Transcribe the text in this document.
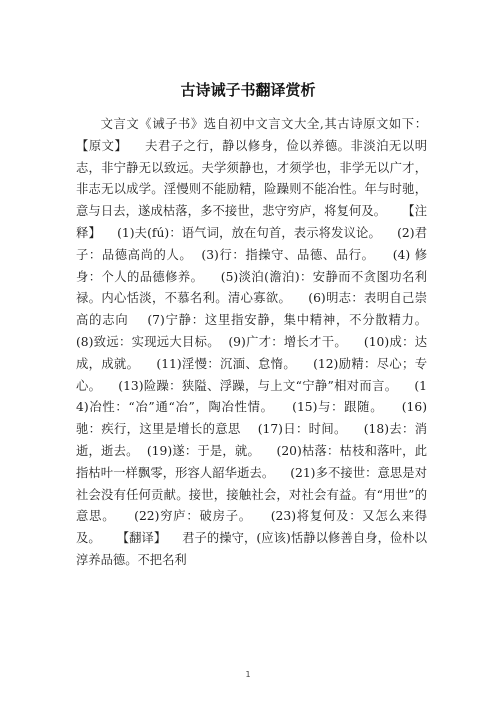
古诗诫子书翻译赏析

文言文《诫子书》选自初中文言文大全,其古诗原文如下：    【原文】    夫君子之行，静以修身，俭以养德。非淡泊无以明志，非宁静无以致远。夫学须静也，才须学也，非学无以广才，非志无以成学。淫慢则不能励精，险躁则不能冶性。年与时驰，意与日去，遂成枯落，多不接世，悲守穷庐，将复何及。    【注释】    (1)夫(fú)：语气词，放在句首，表示将发议论。    (2)君子：品德高尚的人。  (3)行：指操守、品德、品行。    (4) 修身：个人的品德修养。    (5)淡泊(澹泊)：安静而不贪图功名利禄。内心恬淡，不慕名利。清心寡欲。    (6)明志：表明自己崇高的志向    (7)宁静：这里指安静，集中精神，不分散精力。    (8)致远：实现远大目标。  (9)广才：增长才干。    (10)成：达成，成就。    (11)淫慢：沉湎、怠惰。    (12)励精：尽心；专心。    (13)险躁：狭隘、浮躁，与上文“宁静”相对而言。    (14)冶性：“冶”通“冶”，陶冶性情。    (15)与：跟随。    (16)驰：疾行，这里是增长的意思    (17)日：时间。    (18)去：消逝，逝去。  (19)遂：于是，就。    (20)枯落：枯枝和落叶，此指枯叶一样飘零，形容人韶华逝去。    (21)多不接世：意思是对社会没有任何贡献。接世，接触社会，对社会有益。有“用世”的意思。    (22)穷庐：破房子。    (23)将复何及：又怎么来得及。    【翻译】    君子的操守，(应该)恬静以修善自身，俭朴以淳养品德。不把名利

1
